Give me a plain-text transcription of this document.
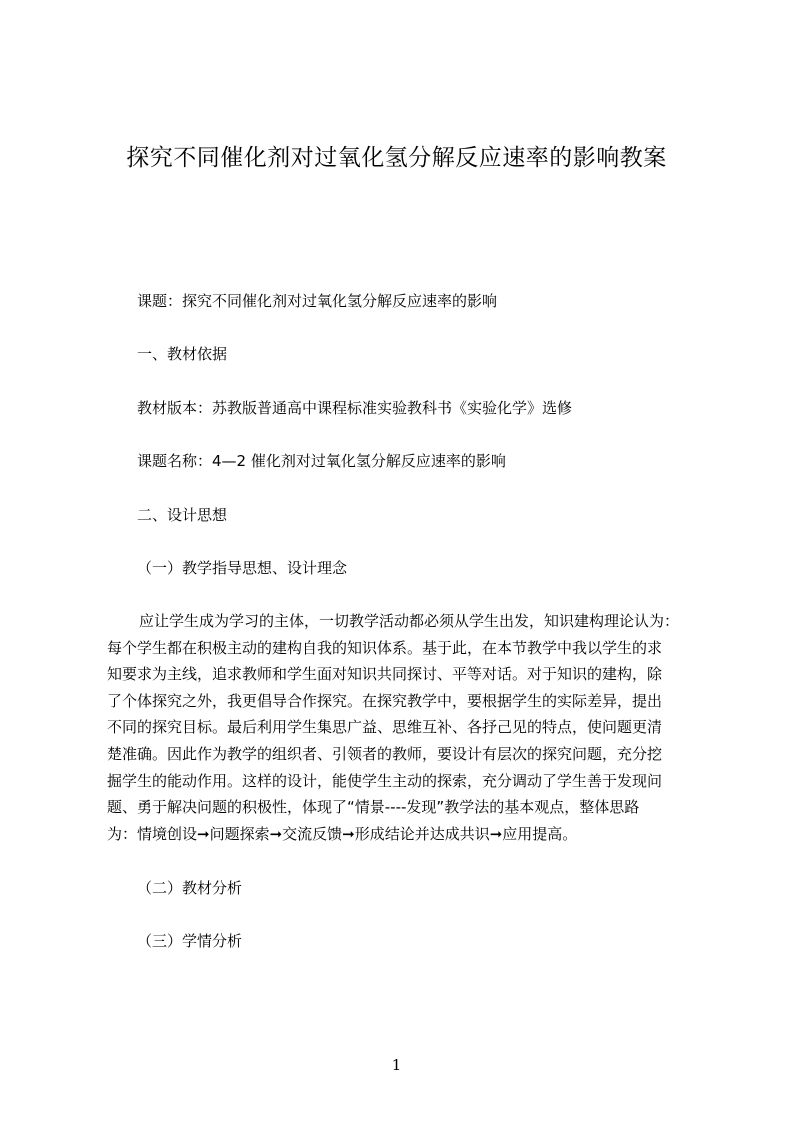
探究不同催化剂对过氧化氢分解反应速率的影响教案
课题：探究不同催化剂对过氧化氢分解反应速率的影响
一、教材依据
教材版本：苏教版普通高中课程标准实验教科书《实验化学》选修
课题名称：4—2 催化剂对过氧化氢分解反应速率的影响
二、设计思想
（一）教学指导思想、设计理念
应让学生成为学习的主体，一切教学活动都必须从学生出发，知识建构理论认为：
每个学生都在积极主动的建构自我的知识体系。基于此，在本节教学中我以学生的求
知要求为主线，追求教师和学生面对知识共同探讨、平等对话。对于知识的建构，除
了个体探究之外，我更倡导合作探究。在探究教学中，要根据学生的实际差异，提出
不同的探究目标。最后利用学生集思广益、思维互补、各抒己见的特点，使问题更清
楚准确。因此作为教学的组织者、引领者的教师，要设计有层次的探究问题，充分挖
掘学生的能动作用。这样的设计，能使学生主动的探索，充分调动了学生善于发现问
题、勇于解决问题的积极性，体现了“情景----发现”教学法的基本观点，整体思路
为：情境创设➞问题探索➞交流反馈➞形成结论并达成共识➞应用提高。
（二）教材分析
（三）学情分析
1
